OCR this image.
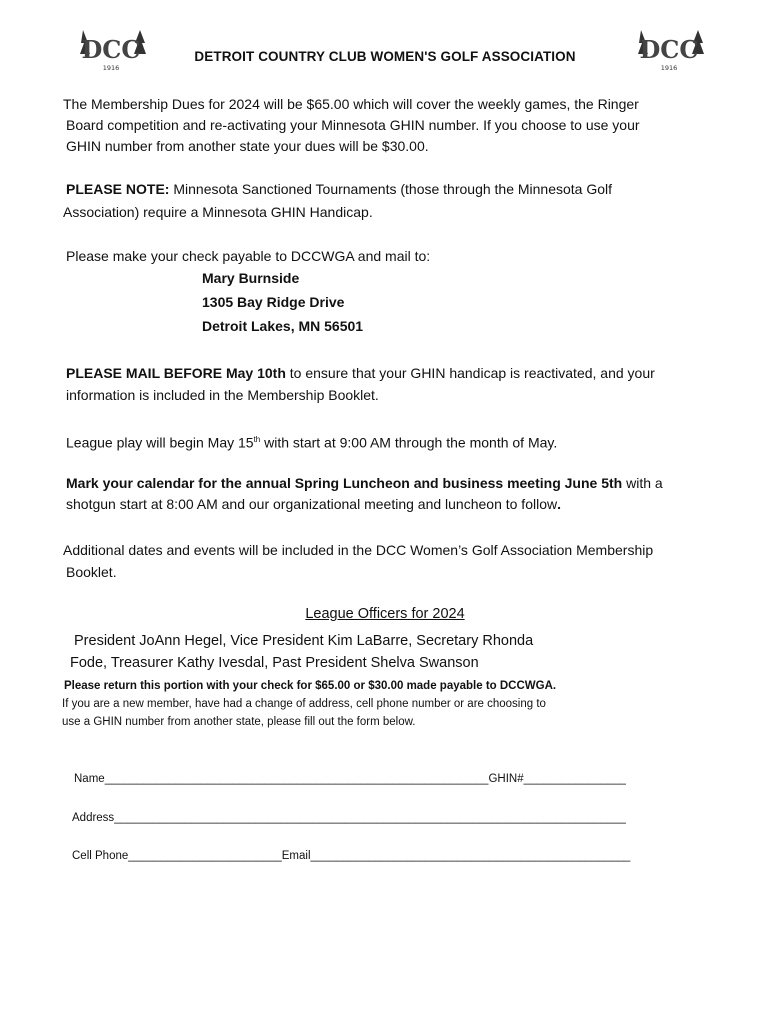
DCC
1916
DCC
1916
DETROIT COUNTRY CLUB WOMEN'S GOLF ASSOCIATION
The Membership Dues for 2024 will be $65.00 which will cover the weekly games, the Ringer
Board competition and re-activating your Minnesota GHIN number. If you choose to use your
GHIN number from another state your dues will be $30.00.
PLEASE NOTE: Minnesota Sanctioned Tournaments (those through the Minnesota Golf
Association) require a Minnesota GHIN Handicap.
Please make your check payable to DCCWGA and mail to:
Mary Burnside
1305 Bay Ridge Drive
Detroit Lakes, MN 56501
PLEASE MAIL BEFORE May 10th to ensure that your GHIN handicap is reactivated, and your
information is included in the Membership Booklet.
League play will begin May 15th with start at 9:00 AM through the month of May.
Mark your calendar for the annual Spring Luncheon and business meeting June 5th with a
shotgun start at 8:00 AM and our organizational meeting and luncheon to follow.
Additional dates and events will be included in the DCC Women’s Golf Association Membership
Booklet.
League Officers for 2024
President JoAnn Hegel, Vice President Kim LaBarre, Secretary Rhonda
Fode, Treasurer Kathy Ivesdal, Past President Shelva Swanson
Please return this portion with your check for $65.00 or $30.00 made payable to DCCWGA.
If you are a new member, have had a change of address, cell phone number or are choosing to
use a GHIN number from another state, please fill out the form below.
Name____________________________________________________________GHIN#________________
Address________________________________________________________________________________
Cell Phone________________________Email__________________________________________________
